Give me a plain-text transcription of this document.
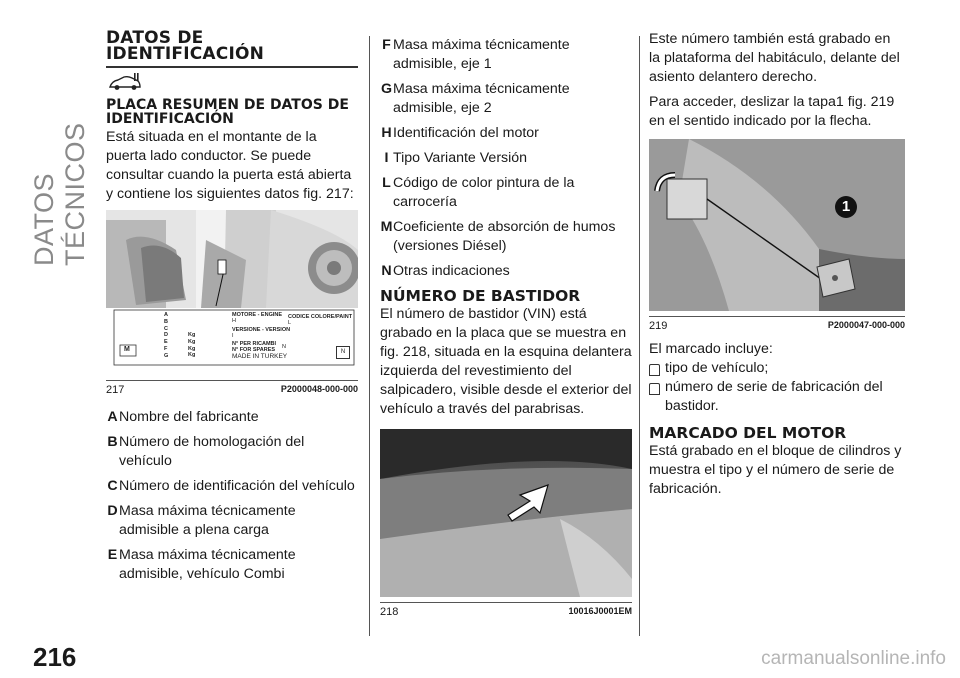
DATOS TÉCNICOS
DATOS DE IDENTIFICACIÓN
PLACA RESUMEN DE DATOS DE IDENTIFICACIÓN

Está situada en el montante de la puerta lado conductor. Se puede consultar cuando la puerta está abierta y contiene los siguientes datos fig. 217:

M
A
B
C
D
E
F
G
Kg
Kg
Kg
Kg
MOTORE - ENGINE
H
CODICE COLORE/PAINT
L
VERSIONE - VERSION
I
N° PER RICAMBI
N° FOR SPARES N
MADE IN TURKEY
N
217	P2000048-000-000
A Nombre del fabricante
B Número de homologación del vehículo
C Número de identificación del vehículo
D Masa máxima técnicamente admisible a plena carga
E Masa máxima técnicamente admisible, vehículo Combi
F Masa máxima técnicamente admisible, eje 1
G Masa máxima técnicamente admisible, eje 2
H Identificación del motor
I Tipo Variante Versión
L Código de color pintura de la carrocería
M Coeficiente de absorción de humos (versiones Diésel)
N Otras indicaciones
NÚMERO DE BASTIDOR

El número de bastidor (VIN) está grabado en la placa que se muestra en fig. 218, situada en la esquina delantera izquierda del revestimiento del salpicadero, visible desde el exterior del vehículo a través del parabrisas.

218	10016J0001EM

Este número también está grabado en la plataforma del habitáculo, delante del asiento delantero derecho.

Para acceder, deslizar la tapa1 fig. 219 en el sentido indicado por la flecha.

1
219	P2000047-000-000

El marcado incluye:

tipo de vehículo;
número de serie de fabricación del bastidor.
MARCADO DEL MOTOR

Está grabado en el bloque de cilindros y muestra el tipo y el número de serie de fabricación.

216	carmanualsonline.info
